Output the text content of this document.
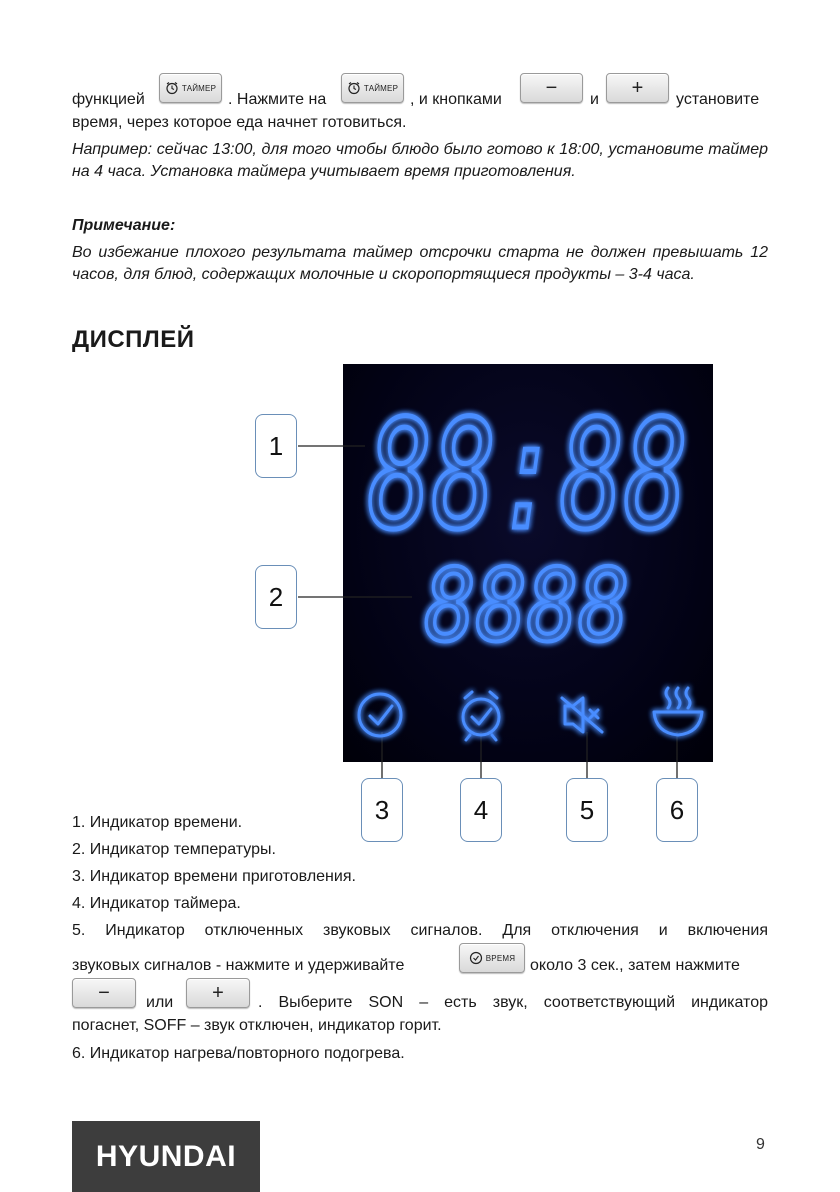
функцией
ТАЙМЕР
. Нажмите на
ТАЙМЕР
, и кнопками
−
и
+
установите
время, через которое еда начнет готовиться.
Например: сейчас 13:00, для того чтобы блюдо было готово к 18:00, установите таймер на 4 часа. Установка таймера учитывает время приготовления.
Примечание:
Во избежание плохого результата таймер отсрочки старта не должен превышать 12 часов, для блюд, содержащих молочные и скоропортящиеся продукты – 3-4 часа.
ДИСПЛЕЙ
88:88
8888
1
2
3	4	5	6
1. Индикатор времени.
2. Индикатор температуры.
3. Индикатор времени приготовления.
4. Индикатор таймера.
5. Индикатор отключенных звуковых сигналов. Для отключения и включения
звуковых сигналов - нажмите и удерживайте	ВРЕМЯ около 3 сек., затем нажмите
− или + . Выберите SON – есть звук, соответствующий индикатор
погаснет, SOFF – звук отключен, индикатор горит.
6. Индикатор нагрева/повторного подогрева.
HYUNDAI	9
